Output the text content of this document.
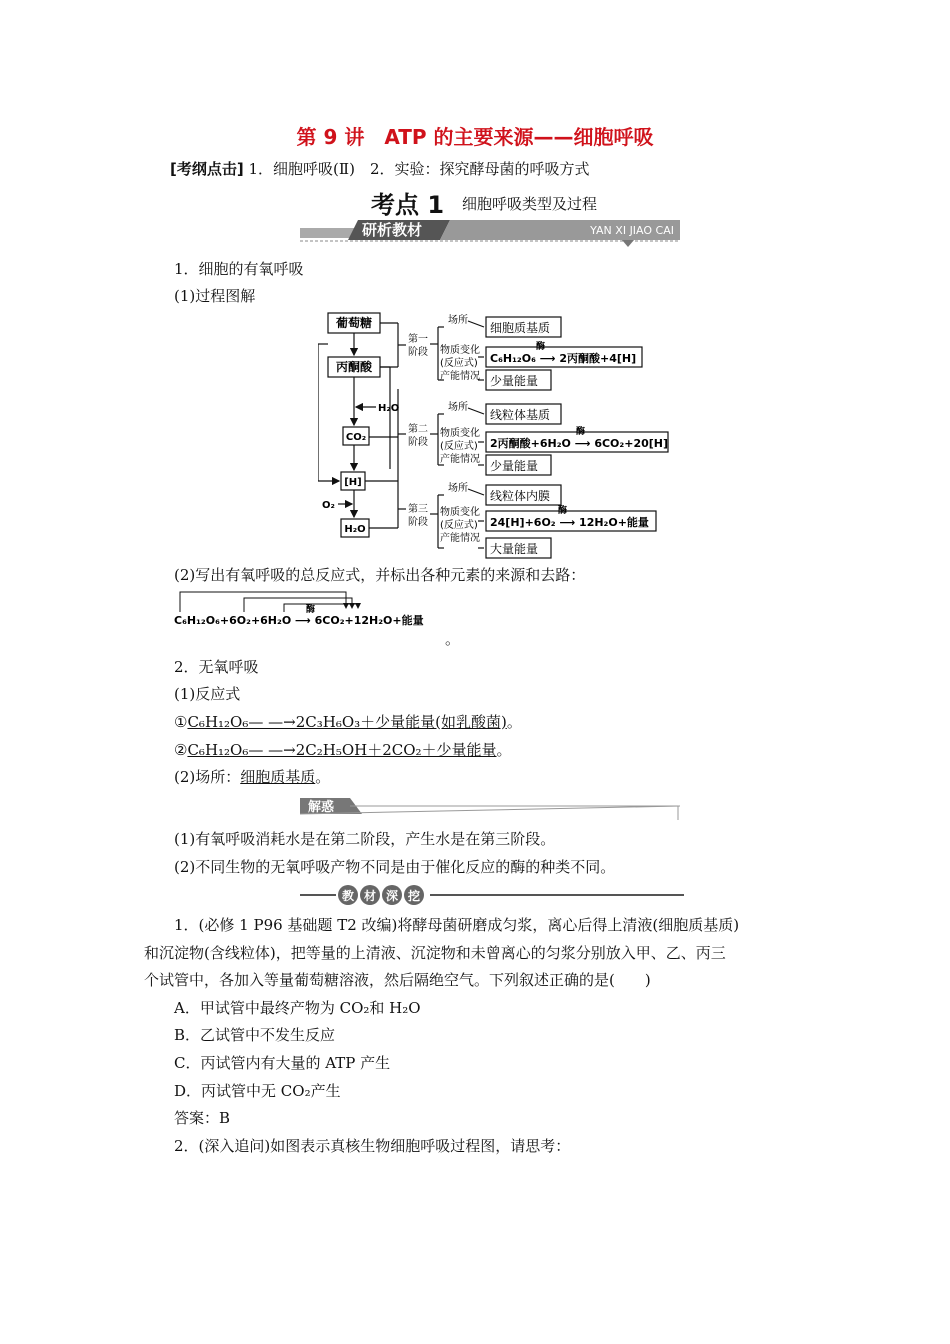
第 9 讲　ATP 的主要来源——细胞呼吸
[考纲点击] 1．细胞呼吸(Ⅱ)　2．实验：探究酵母菌的呼吸方式
考点 1 细胞呼吸类型及过程
研析教材	YAN XI JIAO CAI
1．细胞的有氧呼吸
(1)过程图解
葡萄糖
丙酮酸
H₂O
CO₂
[H]
O₂
H₂O
第一阶段
第二阶段
第三阶段
场所
物质变化
(反应式)
产能情况
场所
物质变化
(反应式)
产能情况
场所
物质变化
(反应式)
产能情况
细胞质基质
酶
C₆H₁₂O₆ ⟶ 2丙酮酸+4[H]
少量能量
线粒体基质
酶
2丙酮酸+6H₂O ⟶ 6CO₂+20[H]
少量能量
线粒体内膜
酶
24[H]+6O₂ ⟶ 12H₂O+能量
大量能量
(2)写出有氧呼吸的总反应式，并标出各种元素的来源和去路：
酶
C₆H₁₂O₆+6O₂+6H₂O ⟶ 6CO₂+12H₂O+能量
。
2．无氧呼吸
(1)反应式
①C₆H₁₂O₆— —→2C₃H₆O₃＋少量能量(如乳酸菌)。
②C₆H₁₂O₆— —→2C₂H₅OH＋2CO₂＋少量能量。
(2)场所：细胞质基质。
解惑
(1)有氧呼吸消耗水是在第二阶段，产生水是在第三阶段。
(2)不同生物的无氧呼吸产物不同是由于催化反应的酶的种类不同。
教 材 深 挖
1．(必修 1 P96 基础题 T2 改编)将酵母菌研磨成匀浆，离心后得上清液(细胞质基质)
和沉淀物(含线粒体)，把等量的上清液、沉淀物和未曾离心的匀浆分别放入甲、乙、丙三
个试管中，各加入等量葡萄糖溶液，然后隔绝空气。下列叙述正确的是(　　)
A．甲试管中最终产物为 CO₂和 H₂O
B．乙试管中不发生反应
C．丙试管内有大量的 ATP 产生
D．丙试管中无 CO₂产生
答案：B
2．(深入追问)如图表示真核生物细胞呼吸过程图，请思考：
